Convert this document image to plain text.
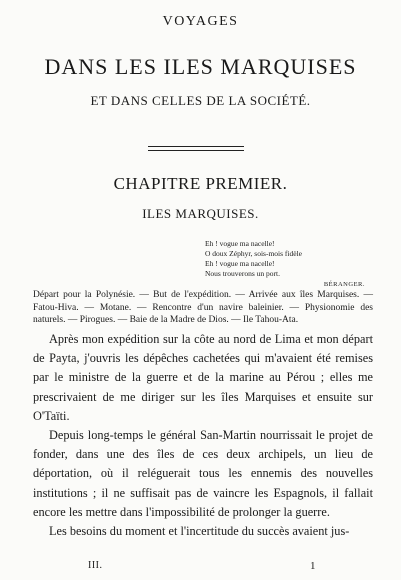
VOYAGES
DANS LES ILES MARQUISES
ET DANS CELLES DE LA SOCIÉTÉ.
CHAPITRE PREMIER.
ILES MARQUISES.
Eh ! vogue ma nacelle!
O doux Zéphyr, sois-mois fidèle
Eh ! vogue ma nacelle!
Nous trouverons un port.
BÉRANGER.
Départ pour la Polynésie. — But de l'expédition. — Arrivée aux îles Marquises. — Fatou-Hiva. — Motane. — Rencontre d'un navire baleinier. — Physionomie des naturels. — Pirogues. — Baie de la Madre de Dios. — Ile Tahou-Ata.

Après mon expédition sur la côte au nord de Lima et mon départ de Payta, j'ouvris les dépêches cachetées qui m'avaient été remises par le ministre de la guerre et de la marine au Pérou ; elles me prescrivaient de me diriger sur les îles Marquises et ensuite sur O'Taïti.

Depuis long-temps le général San-Martin nourrissait le projet de fonder, dans une des îles de ces deux archipels, un lieu de déportation, où il reléguerait tous les ennemis des nouvelles institutions ; il ne suffisait pas de vaincre les Espagnols, il fallait encore les mettre dans l'impossibilité de prolonger la guerre.

Les besoins du moment et l'incertitude du succès avaient jus-

III.	1
